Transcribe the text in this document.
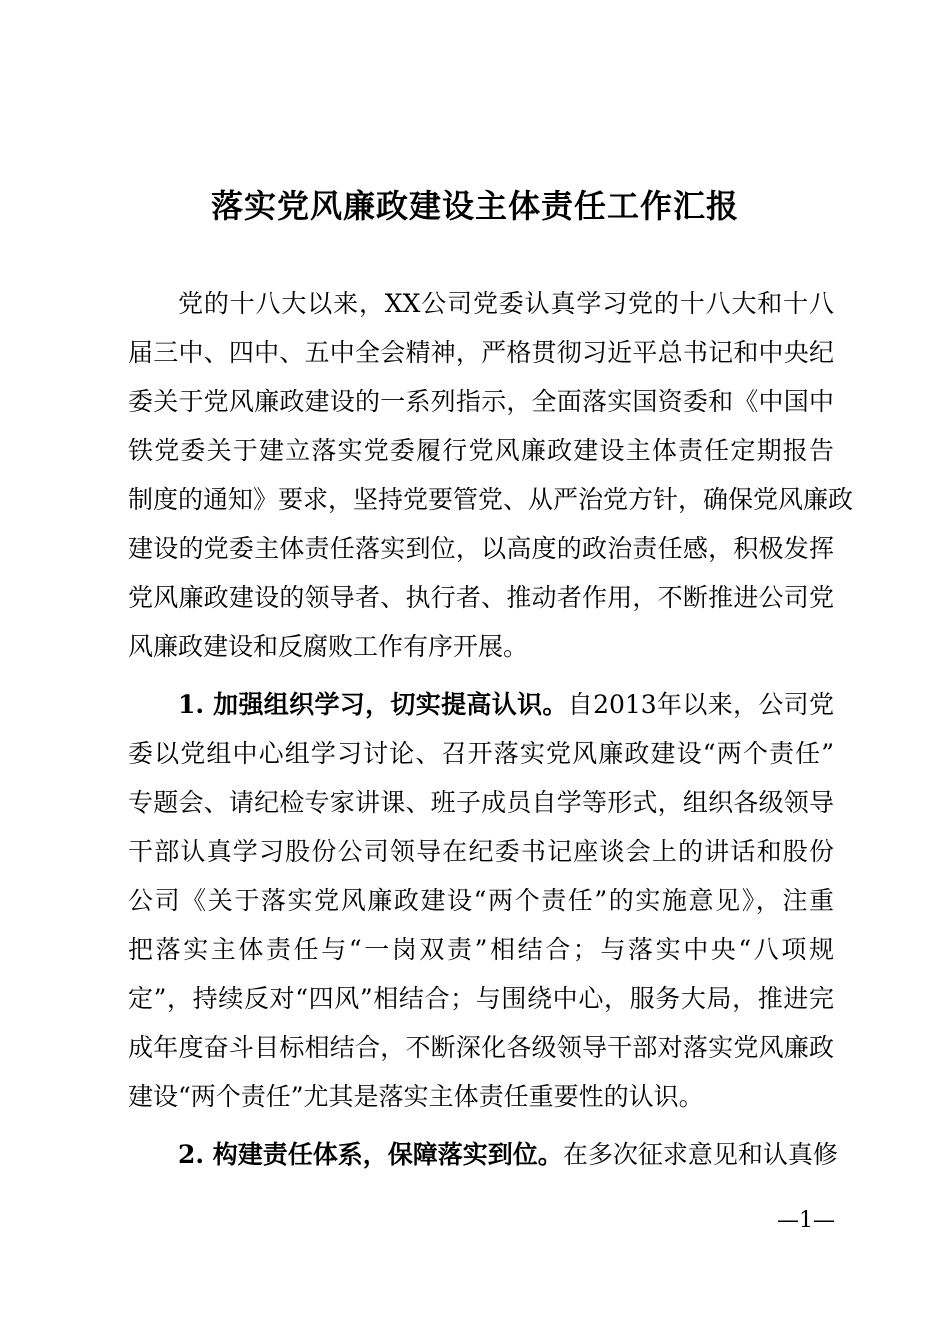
落实党风廉政建设主体责任工作汇报
党的十八大以来，XX公司党委认真学习党的十八大和十八
届三中、四中、五中全会精神，严格贯彻习近平总书记和中央纪
委关于党风廉政建设的一系列指示，全面落实国资委和《中国中
铁党委关于建立落实党委履行党风廉政建设主体责任定期报告
制度的通知》要求，坚持党要管党、从严治党方针，确保党风廉政
建设的党委主体责任落实到位，以高度的政治责任感，积极发挥
党风廉政建设的领导者、执行者、推动者作用，不断推进公司党
风廉政建设和反腐败工作有序开展。
1. 加强组织学习，切实提高认识。自2013年以来，公司党
委以党组中心组学习讨论、召开落实党风廉政建设“两个责任”
专题会、请纪检专家讲课、班子成员自学等形式，组织各级领导
干部认真学习股份公司领导在纪委书记座谈会上的讲话和股份
公司《关于落实党风廉政建设“两个责任”的实施意见》，注重
把落实主体责任与“一岗双责”相结合；与落实中央“八项规
定”，持续反对“四风”相结合；与围绕中心，服务大局，推进完
成年度奋斗目标相结合，不断深化各级领导干部对落实党风廉政
建设“两个责任”尤其是落实主体责任重要性的认识。
2. 构建责任体系，保障落实到位。在多次征求意见和认真修
—1—
